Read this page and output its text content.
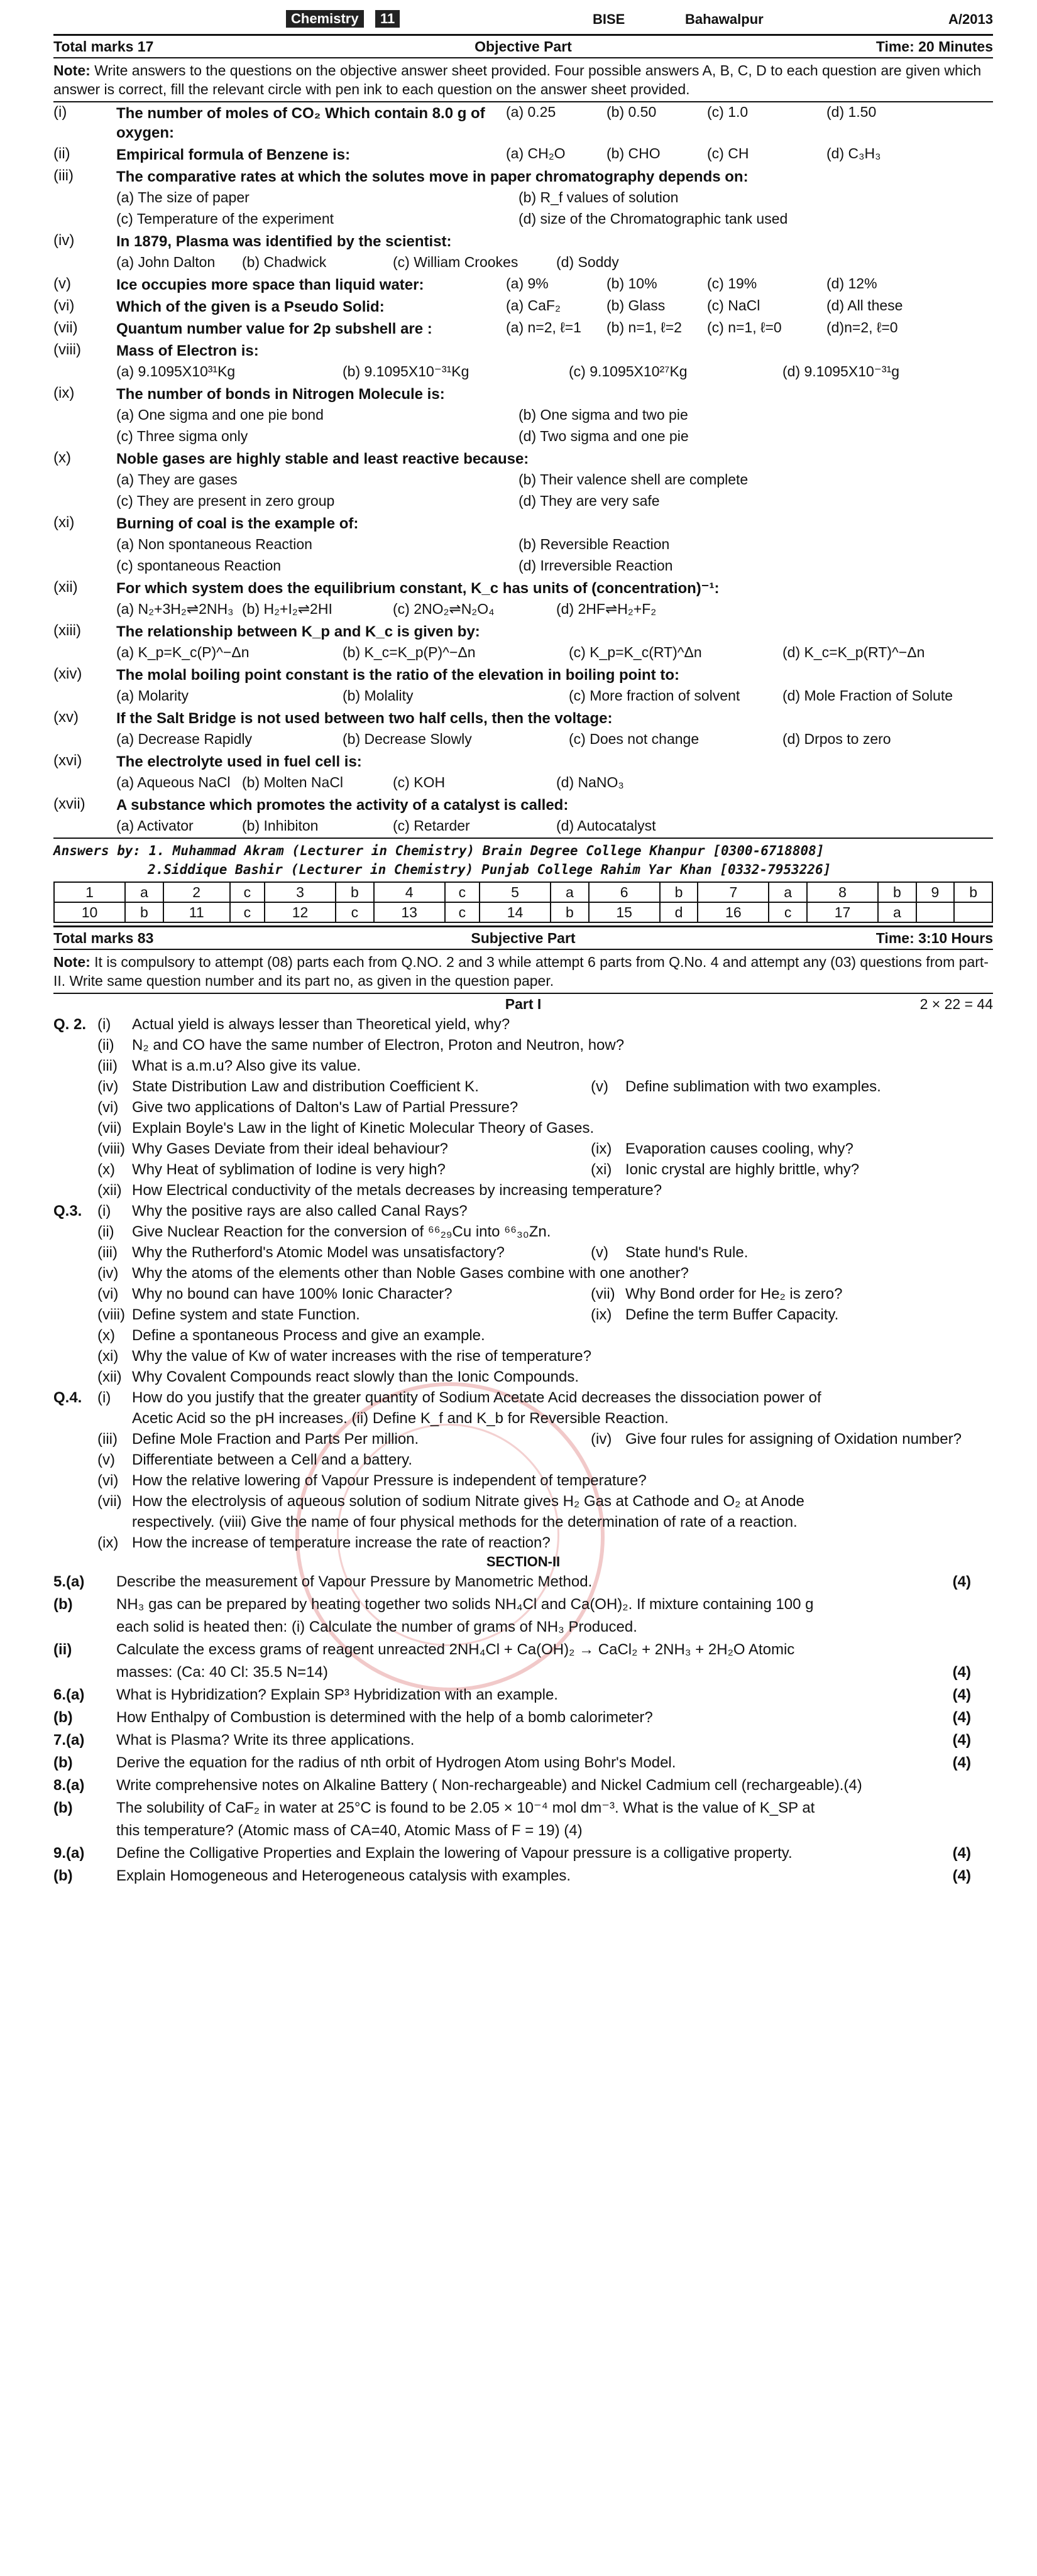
Chemistry	11	BISE	Bahawalpur	A/2013
Total marks 17	Objective Part	Time: 20 Minutes
Note: Write answers to the questions on the objective answer sheet provided. Four possible answers A, B, C, D to each question are given which answer is correct, fill the relevant circle with pen ink to each question on the answer sheet provided.
(i)	The number of moles of CO₂ Which contain 8.0 g of oxygen:
(a) 0.25	(b) 0.50	(c) 1.0	(d) 1.50
(ii)	Empirical formula of Benzene is:	(a) CH₂O	(b) CHO	(c) CH	(d) C₃H₃
(iii)	The comparative rates at which the solutes move in paper chromatography depends on:
(a) The size of paper	(b) R_f values of solution
(c) Temperature of the experiment	(d) size of the Chromatographic tank used
(iv)	In 1879, Plasma was identified by the scientist:
(a) John Dalton (b) Chadwick	(c) William Crookes	(d) Soddy
(v)	Ice occupies more space than liquid water:	(a) 9%	(b) 10%	(c) 19%	(d) 12%
(vi)	Which of the given is a Pseudo Solid:	(a) CaF₂	(b) Glass	(c) NaCl	(d) All these
(vii)	Quantum number value for 2p subshell are :	(a) n=2, ℓ=1 (b) n=1, ℓ=2 (c) n=1, ℓ=0	(d)n=2, ℓ=0
(viii) Mass of Electron is:
(a) 9.1095X10³¹Kg	(b) 9.1095X10⁻³¹Kg	(c) 9.1095X10²⁷Kg	(d) 9.1095X10⁻³¹g
(ix)	The number of bonds in Nitrogen Molecule is:
(a) One sigma and one pie bond	(b) One sigma and two pie
(c) Three sigma only	(d) Two sigma and one pie
(x)	Noble gases are highly stable and least reactive because:
(a) They are gases	(b) Their valence shell are complete
(c) They are present in zero group	(d) They are very safe
(xi)	Burning of coal is the example of:
(a) Non spontaneous Reaction	(b) Reversible Reaction
(c) spontaneous Reaction	(d) Irreversible Reaction
(xii)	For which system does the equilibrium constant, K_c has units of (concentration)⁻¹:
(a) N₂+3H₂⇌2NH₃ (b) H₂+I₂⇌2HI	(c) 2NO₂⇌N₂O₄	(d) 2HF⇌H₂+F₂
(xiii) The relationship between K_p and K_c is given by:
(a) K_p=K_c(P)^−Δn	(b) K_c=K_p(P)^−Δn	(c) K_p=K_c(RT)^Δn	(d) K_c=K_p(RT)^−Δn
(xiv) The molal boiling point constant is the ratio of the elevation in boiling point to:
(a) Molarity	(b) Molality	(c) More fraction of solvent	(d) Mole Fraction of Solute
(xv)	If the Salt Bridge is not used between two half cells, then the voltage:
(a) Decrease Rapidly	(b) Decrease Slowly	(c) Does not change	(d) Drpos to zero
(xvi) The electrolyte used in fuel cell is:
(a) Aqueous NaCl (b) Molten NaCl	(c) KOH	(d) NaNO₃
(xvii) A substance which promotes the activity of a catalyst is called:
(a) Activator	(b) Inhibiton	(c) Retarder	(d) Autocatalyst
Answers by: 1. Muhammad Akram (Lecturer in Chemistry) Brain Degree College Khanpur [0300-6718808]
2.Siddique Bashir (Lecturer in Chemistry) Punjab College Rahim Yar Khan [0332-7953226]
1	a	2	c	3	b	4	c	5	a	6	b	7	a	8	b	9	b
10	b	11	c	12	c	13	c	14	b	15	d	16	c	17	a		
Total marks 83	Subjective Part	Time: 3:10 Hours
Note: It is compulsory to attempt (08) parts each from Q.NO. 2 and 3 while attempt 6 parts from Q.No. 4 and attempt any (03) questions from part-II. Write same question number and its part no, as given in the question paper.
Part I	2 × 22 = 44
Q. 2. (i) Actual yield is always lesser than Theoretical yield, why?
(ii) N₂ and CO have the same number of Electron, Proton and Neutron, how?
(iii) What is a.m.u? Also give its value.
(iv) State Distribution Law and distribution Coefficient K.	(v) Define sublimation with two examples.
(vi) Give two applications of Dalton's Law of Partial Pressure?
(vii) Explain Boyle's Law in the light of Kinetic Molecular Theory of Gases.
(viii) Why Gases Deviate from their ideal behaviour?	(ix) Evaporation causes cooling, why?
(x) Why Heat of syblimation of Iodine is very high?	(xi) Ionic crystal are highly brittle, why?
(xii) How Electrical conductivity of the metals decreases by increasing temperature?
Q.3. (i) Why the positive rays are also called Canal Rays?
(ii) Give Nuclear Reaction for the conversion of ⁶⁶₂₉Cu into ⁶⁶₃₀Zn.
(iii) Why the Rutherford's Atomic Model was unsatisfactory?	(v) State hund's Rule.
(iv) Why the atoms of the elements other than Noble Gases combine with one another?
(vi) Why no bound can have 100% Ionic Character?	(vii) Why Bond order for He₂ is zero?
(viii) Define system and state Function.	(ix) Define the term Buffer Capacity.
(x) Define a spontaneous Process and give an example.
(xi) Why the value of Kw of water increases with the rise of temperature?
(xii) Why Covalent Compounds react slowly than the Ionic Compounds.
Q.4. (i) How do you justify that the greater quantity of Sodium Acetate Acid decreases the dissociation power of
Acetic Acid so the pH increases. (ii) Define K_f and K_b for Reversible Reaction.
(iii) Define Mole Fraction and Parts Per million.	(iv) Give four rules for assigning of Oxidation number?
(v) Differentiate between a Cell and a battery.
(vi) How the relative lowering of Vapour Pressure is independent of temperature?
(vii) How the electrolysis of aqueous solution of sodium Nitrate gives H₂ Gas at Cathode and O₂ at Anode
respectively. (viii) Give the name of four physical methods for the determination of rate of a reaction.
(ix) How the increase of temperature increase the rate of reaction?
SECTION-II
5.(a) Describe the measurement of Vapour Pressure by Manometric Method.	(4)
(b)	NH₃ gas can be prepared by heating together two solids NH₄Cl and Ca(OH)₂. If mixture containing 100 g
each solid is heated then: (i) Calculate the number of grams of NH₃ Produced.
(ii)	Calculate the excess grams of reagent unreacted 2NH₄Cl + Ca(OH)₂ → CaCl₂ + 2NH₃ + 2H₂O Atomic
masses: (Ca: 40 Cl: 35.5 N=14)	(4)
6.(a) What is Hybridization? Explain SP³ Hybridization with an example.	(4)
(b)	How Enthalpy of Combustion is determined with the help of a bomb calorimeter?	(4)
7.(a) What is Plasma? Write its three applications.	(4)
(b)	Derive the equation for the radius of nth orbit of Hydrogen Atom using Bohr's Model.	(4)
8.(a) Write comprehensive notes on Alkaline Battery ( Non-rechargeable) and Nickel Cadmium cell (rechargeable).(4)
(b)	The solubility of CaF₂ in water at 25°C is found to be 2.05 × 10⁻⁴ mol dm⁻³. What is the value of K_SP at
this temperature? (Atomic mass of CA=40, Atomic Mass of F = 19) (4)
9.(a) Define the Colligative Properties and Explain the lowering of Vapour pressure is a colligative property.	(4)
(b)	Explain Homogeneous and Heterogeneous catalysis with examples.	(4)
